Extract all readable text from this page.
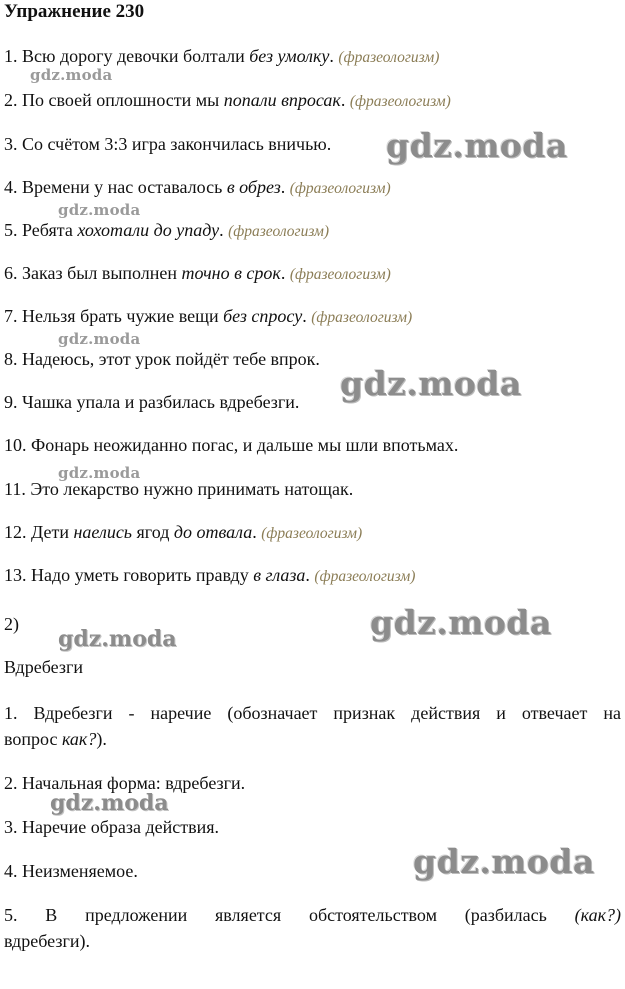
Упражнение 230
1. Всю дорогу девочки болтали без умолку. (фразеологизм)
2. По своей оплошности мы попали впросак. (фразеологизм)
3. Со счётом 3:3 игра закончилась вничью.
4. Времени у нас оставалось в обрез. (фразеологизм)
5. Ребята хохотали до упаду. (фразеологизм)
6. Заказ был выполнен точно в срок. (фразеологизм)
7. Нельзя брать чужие вещи без спросу. (фразеологизм)
8. Надеюсь, этот урок пойдёт тебе впрок.
9. Чашка упала и разбилась вдребезги.
10. Фонарь неожиданно погас, и дальше мы шли впотьмах.
11. Это лекарство нужно принимать натощак.
12. Дети наелись ягод до отвала. (фразеологизм)
13. Надо уметь говорить правду в глаза. (фразеологизм)
2)
Вдребезги
1. Вдребезги - наречие (обозначает признак действия и отвечает на
вопрос как?).
2. Начальная форма: вдребезги.
3. Наречие образа действия.
4. Неизменяемое.
5. В предложении является обстоятельством (разбилась (как?)
вдребезги).
gdz.moda
gdz.moda
gdz.moda
gdz.moda
gdz.moda
gdz.moda
gdz.moda	gdz.moda
gdz.moda
gdz.moda
